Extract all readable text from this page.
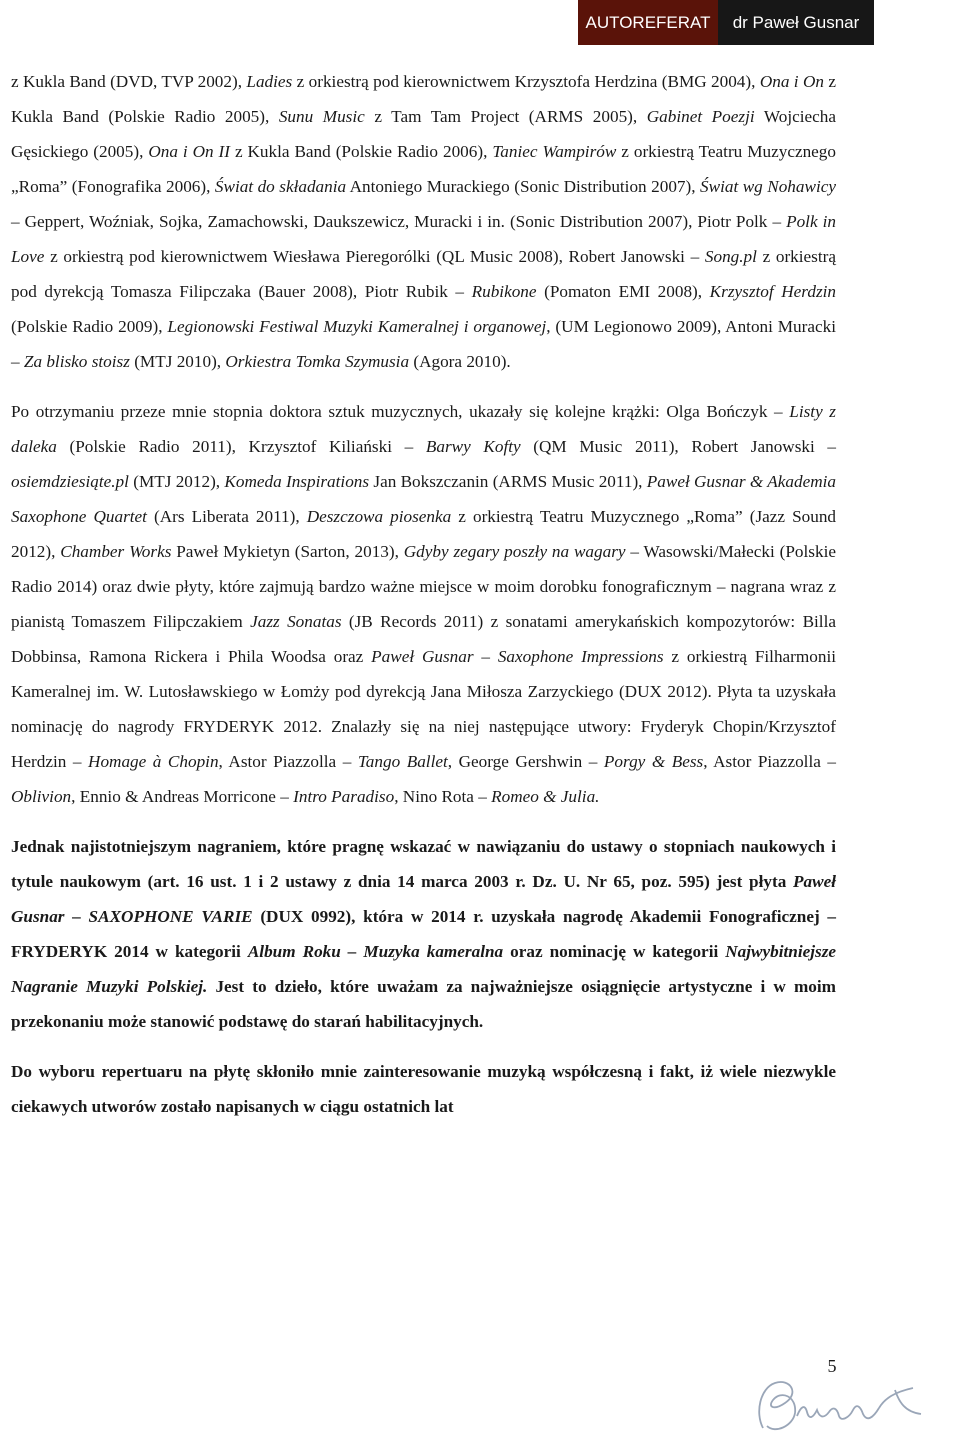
AUTOREFERAT	dr Paweł Gusnar

z Kukla Band (DVD, TVP 2002), Ladies z orkiestrą pod kierownictwem Krzysztofa Herdzina (BMG 2004), Ona i On z Kukla Band (Polskie Radio 2005), Sunu Music z Tam Tam Project (ARMS 2005), Gabinet Poezji Wojciecha Gęsickiego (2005), Ona i On II z Kukla Band (Polskie Radio 2006), Taniec Wampirów z orkiestrą Teatru Muzycznego „Roma” (Fonografika 2006), Świat do składania Antoniego Murackiego (Sonic Distribution 2007), Świat wg Nohawicy – Geppert, Woźniak, Sojka, Zamachowski, Daukszewicz, Muracki i in. (Sonic Distribution 2007), Piotr Polk – Polk in Love z orkiestrą pod kierownictwem Wiesława Pieregorólki (QL Music 2008), Robert Janowski – Song.pl z orkiestrą pod dyrekcją Tomasza Filipczaka (Bauer 2008), Piotr Rubik – Rubikone (Pomaton EMI 2008), Krzysztof Herdzin (Polskie Radio 2009), Legionowski Festiwal Muzyki Kameralnej i organowej, (UM Legionowo 2009), Antoni Muracki – Za blisko stoisz (MTJ 2010), Orkiestra Tomka Szymusia (Agora 2010).

Po otrzymaniu przeze mnie stopnia doktora sztuk muzycznych, ukazały się kolejne krążki: Olga Bończyk – Listy z daleka (Polskie Radio 2011), Krzysztof Kiliański – Barwy Kofty (QM Music 2011), Robert Janowski – osiemdziesiąte.pl (MTJ 2012), Komeda Inspirations Jan Bokszczanin (ARMS Music 2011), Paweł Gusnar & Akademia Saxophone Quartet (Ars Liberata 2011), Deszczowa piosenka z orkiestrą Teatru Muzycznego „Roma” (Jazz Sound 2012), Chamber Works Paweł Mykietyn (Sarton, 2013), Gdyby zegary poszły na wagary – Wasowski/Małecki (Polskie Radio 2014) oraz dwie płyty, które zajmują bardzo ważne miejsce w moim dorobku fonograficznym – nagrana wraz z pianistą Tomaszem Filipczakiem Jazz Sonatas (JB Records 2011) z sonatami amerykańskich kompozytorów: Billa Dobbinsa, Ramona Rickera i Phila Woodsa oraz Paweł Gusnar – Saxophone Impressions z orkiestrą Filharmonii Kameralnej im. W. Lutosławskiego w Łomży pod dyrekcją Jana Miłosza Zarzyckiego (DUX 2012). Płyta ta uzyskała nominację do nagrody FRYDERYK 2012. Znalazły się na niej następujące utwory: Fryderyk Chopin/Krzysztof Herdzin – Homage à Chopin, Astor Piazzolla – Tango Ballet, George Gershwin – Porgy & Bess, Astor Piazzolla – Oblivion, Ennio & Andreas Morricone – Intro Paradiso, Nino Rota – Romeo & Julia.

Jednak najistotniejszym nagraniem, które pragnę wskazać w nawiązaniu do ustawy o stopniach naukowych i tytule naukowym (art. 16 ust. 1 i 2 ustawy z dnia 14 marca 2003 r. Dz. U. Nr 65, poz. 595) jest płyta Paweł Gusnar – SAXOPHONE VARIE (DUX 0992), która w 2014 r. uzyskała nagrodę Akademii Fonograficznej – FRYDERYK 2014 w kategorii Album Roku – Muzyka kameralna oraz nominację w kategorii Najwybitniejsze Nagranie Muzyki Polskiej. Jest to dzieło, które uważam za najważniejsze osiągnięcie artystyczne i w moim przekonaniu może stanowić podstawę do starań habilitacyjnych.

Do wyboru repertuaru na płytę skłoniło mnie zainteresowanie muzyką współczesną i fakt, iż wiele niezwykle ciekawych utworów zostało napisanych w ciągu ostatnich lat

5
